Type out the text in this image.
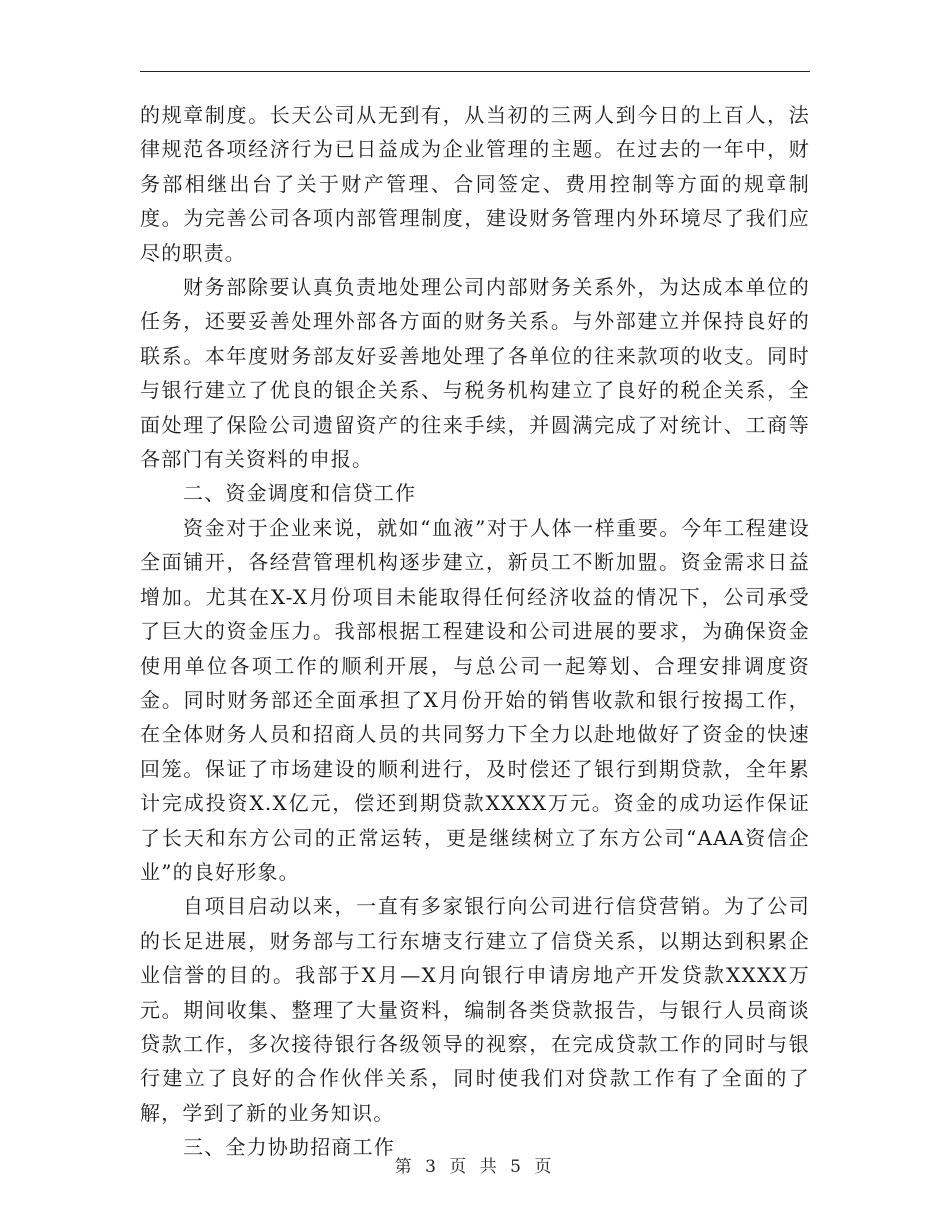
的规章制度。长天公司从无到有，从当初的三两人到今日的上百人，法律规范各项经济行为已日益成为企业管理的主题。在过去的一年中，财务部相继出台了关于财产管理、合同签定、费用控制等方面的规章制度。为完善公司各项内部管理制度，建设财务管理内外环境尽了我们应尽的职责。

财务部除要认真负责地处理公司内部财务关系外，为达成本单位的任务，还要妥善处理外部各方面的财务关系。与外部建立并保持良好的联系。本年度财务部友好妥善地处理了各单位的往来款项的收支。同时与银行建立了优良的银企关系、与税务机构建立了良好的税企关系，全面处理了保险公司遗留资产的往来手续，并圆满完成了对统计、工商等各部门有关资料的申报。

二、资金调度和信贷工作

资金对于企业来说，就如“血液”对于人体一样重要。今年工程建设全面铺开，各经营管理机构逐步建立，新员工不断加盟。资金需求日益增加。尤其在X-X月份项目未能取得任何经济收益的情况下，公司承受了巨大的资金压力。我部根据工程建设和公司进展的要求，为确保资金使用单位各项工作的顺利开展，与总公司一起筹划、合理安排调度资金。同时财务部还全面承担了X月份开始的销售收款和银行按揭工作，在全体财务人员和招商人员的共同努力下全力以赴地做好了资金的快速回笼。保证了市场建设的顺利进行，及时偿还了银行到期贷款，全年累计完成投资X.X亿元，偿还到期贷款XXXX万元。资金的成功运作保证了长天和东方公司的正常运转，更是继续树立了东方公司“AAA资信企业”的良好形象。

自项目启动以来，一直有多家银行向公司进行信贷营销。为了公司的长足进展，财务部与工行东塘支行建立了信贷关系，以期达到积累企业信誉的目的。我部于X月—X月向银行申请房地产开发贷款XXXX万元。期间收集、整理了大量资料，编制各类贷款报告，与银行人员商谈贷款工作，多次接待银行各级领导的视察，在完成贷款工作的同时与银行建立了良好的合作伙伴关系，同时使我们对贷款工作有了全面的了解，学到了新的业务知识。

三、全力协助招商工作

第 3 页 共 5 页
